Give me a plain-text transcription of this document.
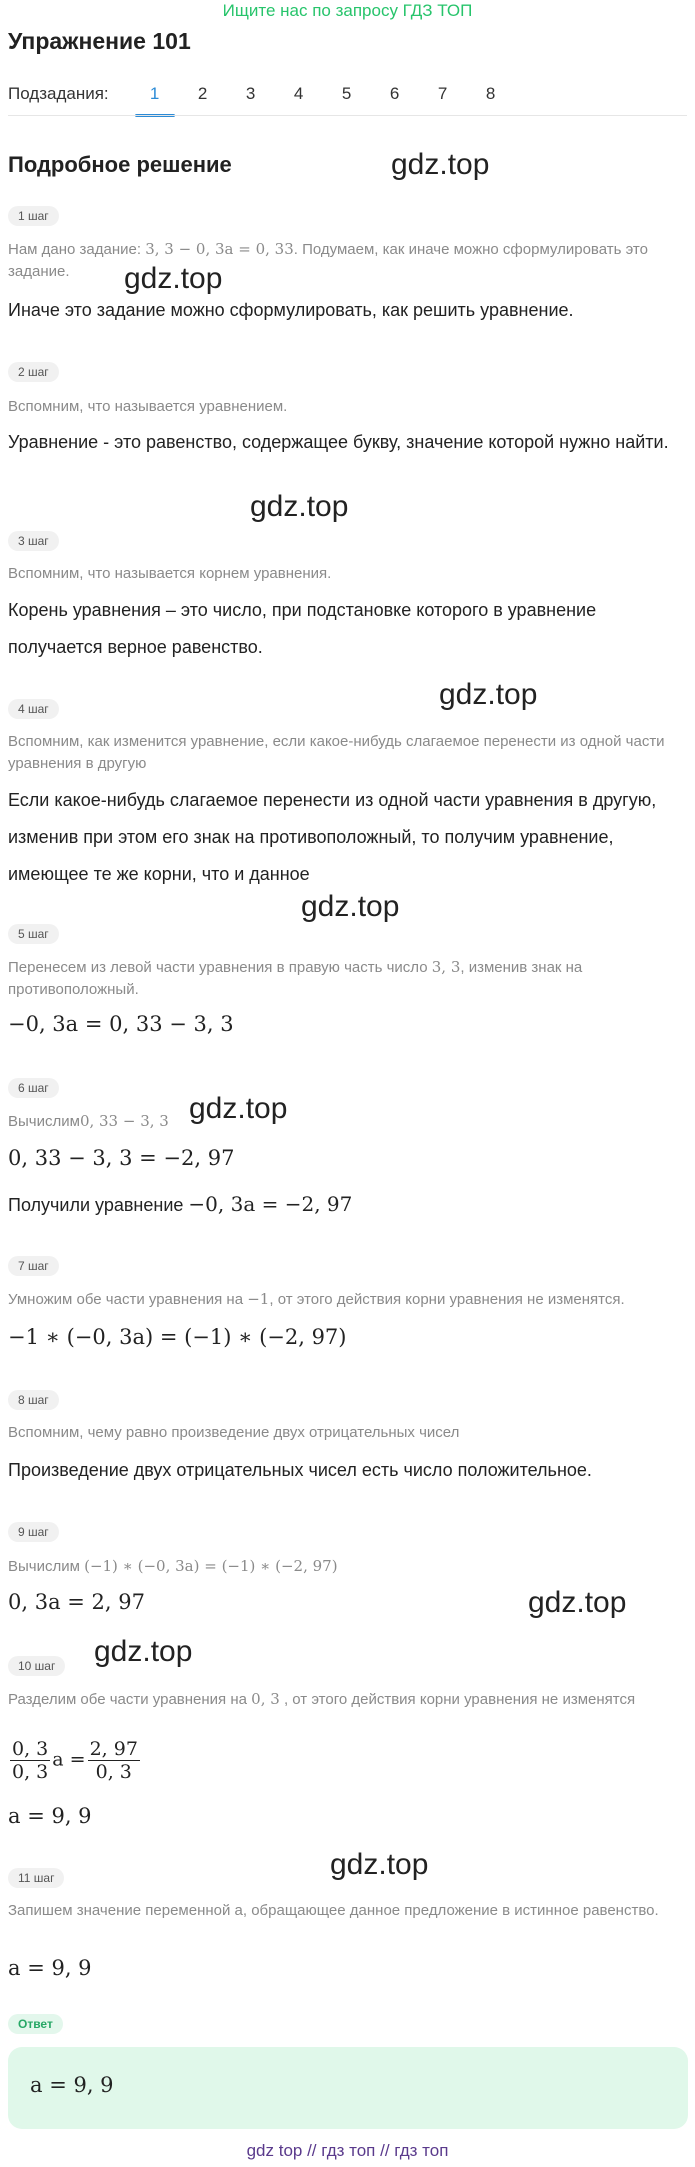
Ищите нас по запросу ГДЗ ТОП
Упражнение 101
Подзадания:	1	2	3	4	5	6	7	8
Подробное решение	gdz.top
gdz.top
gdz.top
gdz.top
gdz.top
gdz.top
gdz.top
gdz.top
gdz.top
1 шаг
Нам дано задание: 3, 3 − 0, 3a = 0, 33. Подумаем, как иначе можно сформулировать это задание.
Иначе это задание можно сформулировать, как решить уравнение.
2 шаг
Вспомним, что называется уравнением.
Уравнение - это равенство, содержащее букву, значение которой нужно найти.
3 шаг
Вспомним, что называется корнем уравнения.
Корень уравнения – это число, при подстановке которого в уравнение получается верное равенство.
4 шаг
Вспомним, как изменится уравнение, если какое-нибудь слагаемое перенести из одной части уравнения в другую
Если какое-нибудь слагаемое перенести из одной части уравнения в другую, изменив при этом его знак на противоположный, то получим уравнение, имеющее те же корни, что и данное
5 шаг
Перенесем из левой части уравнения в правую часть число 3, 3, изменив знак на противоположный.
−0, 3a = 0, 33 − 3, 3
6 шаг
Вычислим0, 33 − 3, 3
0, 33 − 3, 3 = −2, 97
Получили уравнение −0, 3a = −2, 97
7 шаг
Умножим обе части уравнения на −1, от этого действия корни уравнения не изменятся.
−1 ∗ (−0, 3a) = (−1) ∗ (−2, 97)
8 шаг
Вспомним, чему равно произведение двух отрицательных чисел
Произведение двух отрицательных чисел есть число положительное.
9 шаг
Вычислим (−1) ∗ (−0, 3a) = (−1) ∗ (−2, 97)
0, 3a = 2, 97
10 шаг
Разделим обе части уравнения на 0, 3 , от этого действия корни уравнения не изменятся
$\frac{0, 3}{0, 3}$ $a = \frac{2, 97}{0, 3}$
a = 9, 9
11 шаг
Запишем значение переменной а, обращающее данное предложение в истинное равенство.
a = 9, 9
Ответ
a = 9, 9
gdz top // гдз топ // гдз топ
